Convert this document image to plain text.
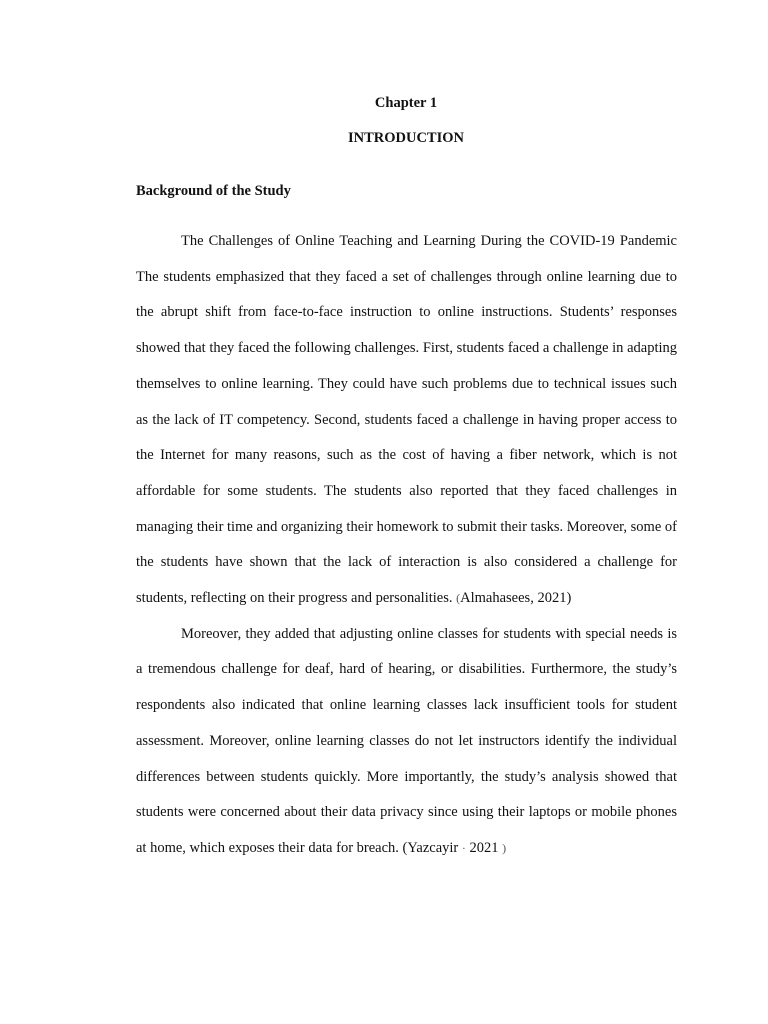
Chapter 1
INTRODUCTION
Background of the Study

The Challenges of Online Teaching and Learning During the COVID-19 Pandemic The students emphasized that they faced a set of challenges through online learning due to the abrupt shift from face-to-face instruction to online instructions. Students’ responses showed that they faced the following challenges. First, students faced a challenge in adapting themselves to online learning. They could have such problems due to technical issues such as the lack of IT competency. Second, students faced a challenge in having proper access to the Internet for many reasons, such as the cost of having a fiber network, which is not affordable for some students. The students also reported that they faced challenges in managing their time and organizing their homework to submit their tasks. Moreover, some of the students have shown that the lack of interaction is also considered a challenge for students, reflecting on their progress and personalities. (Almahasees, 2021)

Moreover, they added that adjusting online classes for students with special needs is a tremendous challenge for deaf, hard of hearing, or disabilities. Furthermore, the study’s respondents also indicated that online learning classes lack insufficient tools for student assessment. Moreover, online learning classes do not let instructors identify the individual differences between students quickly. More importantly, the study’s analysis showed that students were concerned about their data privacy since using their laptops or mobile phones at home, which exposes their data for breach. (Yazcayir · 2021 )
